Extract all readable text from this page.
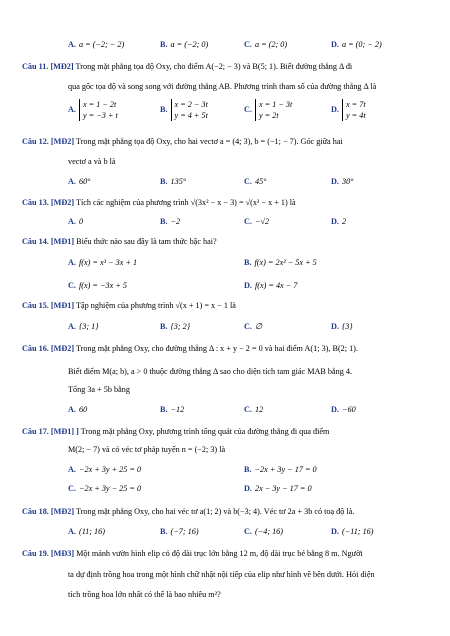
A. a = (−2; − 2)	B. a = (−2; 0)	C. a = (2; 0)	D. a = (0; − 2)
Câu 11. [MĐ2] Trong mặt phẳng tọa độ Oxy, cho điểm A(−2; − 3) và B(5; 1). Biết đường thẳng Δ đi
qua gốc tọa độ và song song với đường thẳng AB. Phương trình tham số của đường thẳng Δ là
A.
x = 1 − 2t
y = −3 + t
B.
x = 2 − 3t
y = 4 + 5t
C.
x = 1 − 3t
y = 2t
D.
x = 7t
y = 4t
Câu 12. [MĐ2] Trong mặt phẳng tọa độ Oxy, cho hai vectơ a = (4; 3), b = (−1; − 7). Góc giữa hai
vectơ a và b là
A. 60°	B. 135°	C. 45°	D. 30°
Câu 13. [MĐ2] Tích các nghiệm của phương trình √(3x² − x − 3) = √(x² − x + 1) là
A. 0	B. −2	C. −√2	D. 2
Câu 14. [MĐ1] Biểu thức nào sau đây là tam thức bậc hai?
A. f(x) = x³ − 3x + 1	B. f(x) = 2x² − 5x + 5
C. f(x) = −3x + 5	D. f(x) = 4x − 7
Câu 15. [MĐ1] Tập nghiệm của phương trình √(x + 1) = x − 1 là
A. {3; 1}	B. {3; 2}	C. ∅	D. {3}
Câu 16. [MĐ2] Trong mặt phẳng Oxy, cho đường thẳng Δ : x + y − 2 = 0 và hai điểm A(1; 3), B(2; 1).
Biết điểm M(a; b), a > 0 thuộc đường thẳng Δ sao cho diện tích tam giác MAB bằng 4.
Tổng 3a + 5b bằng
A. 60	B. −12	C. 12	D. −60
Câu 17. [MĐ1] ] Trong mặt phẳng Oxy, phương trình tổng quát của đường thẳng đi qua điểm
M(2; − 7) và có véc tơ pháp tuyến n = (−2; 3) là
A. −2x + 3y + 25 = 0	B. −2x + 3y − 17 = 0
C. −2x + 3y − 25 = 0	D. 2x − 3y − 17 = 0
Câu 18. [MĐ2] Trong mặt phẳng Oxy, cho hai véc tơ a(1; 2) và b(−3; 4). Véc tơ 2a + 3b có toạ độ là.
A. (11; 16)	B. (−7; 16)	C. (−4; 16)	D. (−11; 16)
Câu 19. [MĐ3] Một mảnh vườn hình elip có độ dài trục lớn bằng 12 m, độ dài trục bé bằng 8 m. Người
ta dự định trồng hoa trong một hình chữ nhật nội tiếp của elip như hình vẽ bên dưới. Hỏi diện
tích trồng hoa lớn nhất có thể là bao nhiêu m²?
